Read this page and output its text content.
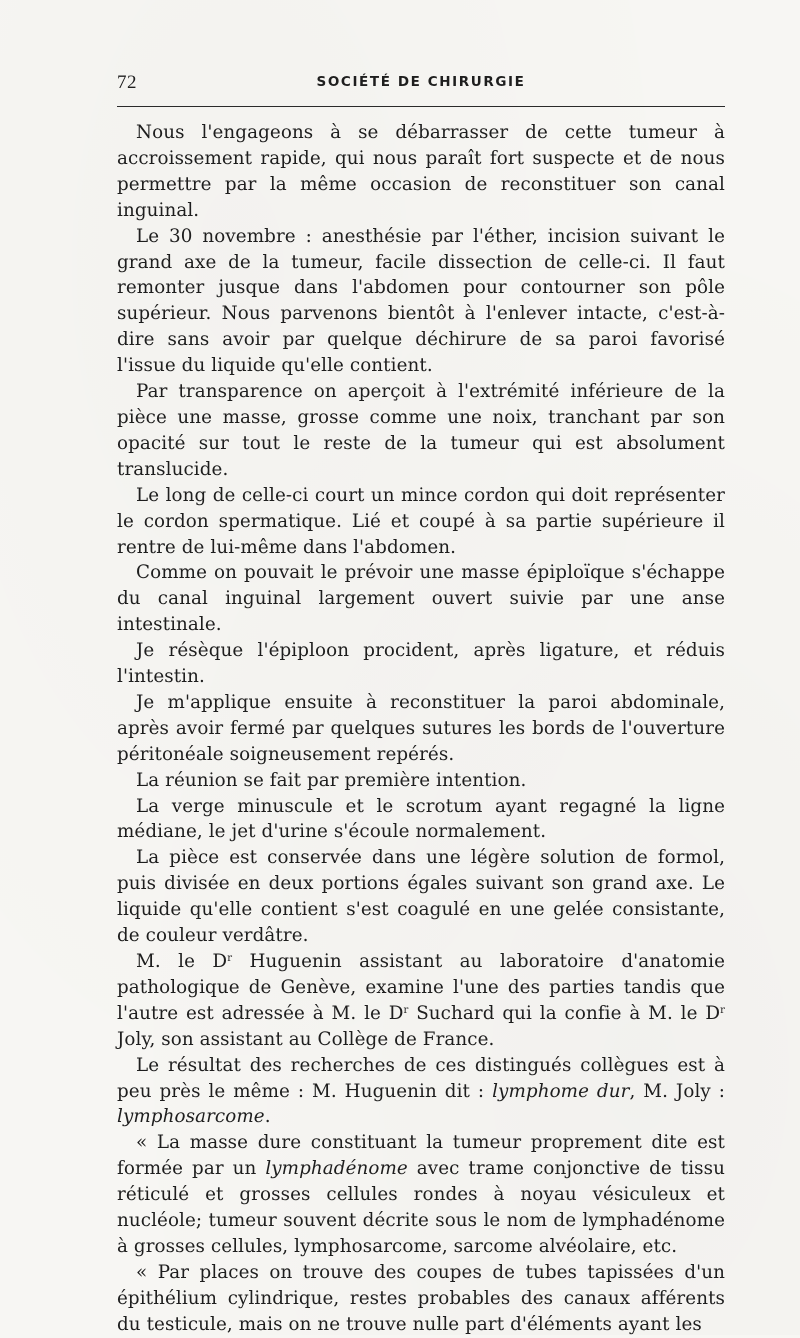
72	SOCIÉTÉ DE CHIRURGIE

Nous l'engageons à se débarrasser de cette tumeur à accroissement rapide, qui nous paraît fort suspecte et de nous permettre par la même occasion de reconstituer son canal inguinal.

Le 30 novembre : anesthésie par l'éther, incision suivant le grand axe de la tumeur, facile dissection de celle-ci. Il faut remonter jusque dans l'abdomen pour contourner son pôle supérieur. Nous parvenons bientôt à l'enlever intacte, c'est-à-dire sans avoir par quelque déchirure de sa paroi favorisé l'issue du liquide qu'elle contient.

Par transparence on aperçoit à l'extrémité inférieure de la pièce une masse, grosse comme une noix, tranchant par son opacité sur tout le reste de la tumeur qui est absolument translucide.

Le long de celle-ci court un mince cordon qui doit représenter le cordon spermatique. Lié et coupé à sa partie supérieure il rentre de lui-même dans l'abdomen.

Comme on pouvait le prévoir une masse épiploïque s'échappe du canal inguinal largement ouvert suivie par une anse intestinale.

Je résèque l'épiploon procident, après ligature, et réduis l'intestin.

Je m'applique ensuite à reconstituer la paroi abdominale, après avoir fermé par quelques sutures les bords de l'ouverture péritonéale soigneusement repérés.

La réunion se fait par première intention.

La verge minuscule et le scrotum ayant regagné la ligne médiane, le jet d'urine s'écoule normalement.

La pièce est conservée dans une légère solution de formol, puis divisée en deux portions égales suivant son grand axe. Le liquide qu'elle contient s'est coagulé en une gelée consistante, de couleur verdâtre.

M. le $D^r$ Huguenin assistant au laboratoire d'anatomie pathologique de Genève, examine l'une des parties tandis que l'autre est adressée à M. le $D^r$ Suchard qui la confie à M. le $D^r$ Joly, son assistant au Collège de France.

Le résultat des recherches de ces distingués collègues est à peu près le même : M. Huguenin dit : lymphome dur, M. Joly : lymphosarcome.

« La masse dure constituant la tumeur proprement dite est formée par un lymphadénome avec trame conjonctive de tissu réticulé et grosses cellules rondes à noyau vésiculeux et nucléole; tumeur souvent décrite sous le nom de lymphadénome à grosses cellules, lymphosarcome, sarcome alvéolaire, etc.

« Par places on trouve des coupes de tubes tapissées d'un épithélium cylindrique, restes probables des canaux afférents du testicule, mais on ne trouve nulle part d'éléments ayant les
